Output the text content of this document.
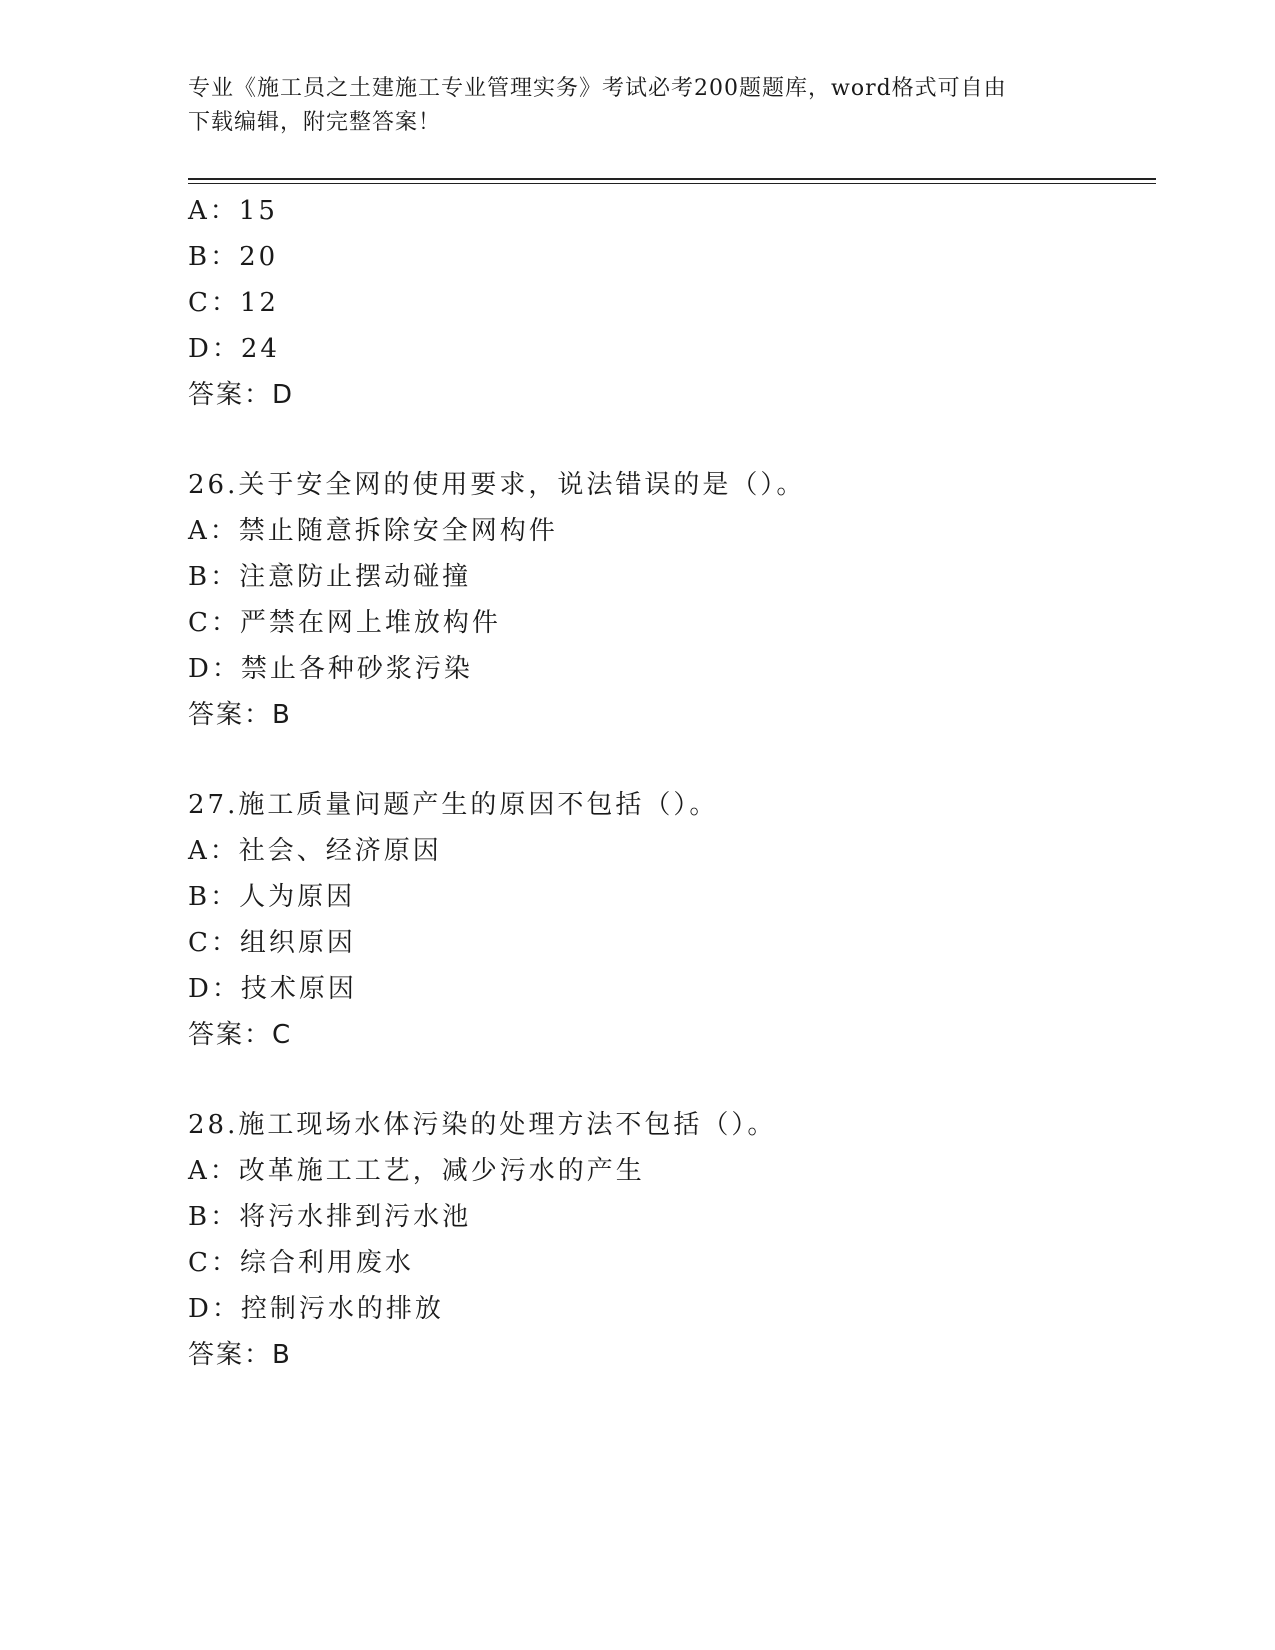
专业《施工员之土建施工专业管理实务》考试必考200题题库，word格式可自由
下载编辑，附完整答案！
A：15
B：20
C：12
D：24
答案：D
26.关于安全网的使用要求，说法错误的是（）。
A：禁止随意拆除安全网构件
B：注意防止摆动碰撞
C：严禁在网上堆放构件
D：禁止各种砂浆污染
答案：B
27.施工质量问题产生的原因不包括（）。
A：社会、经济原因
B：人为原因
C：组织原因
D：技术原因
答案：C
28.施工现场水体污染的处理方法不包括（）。
A：改革施工工艺，减少污水的产生
B：将污水排到污水池
C：综合利用废水
D：控制污水的排放
答案：B
